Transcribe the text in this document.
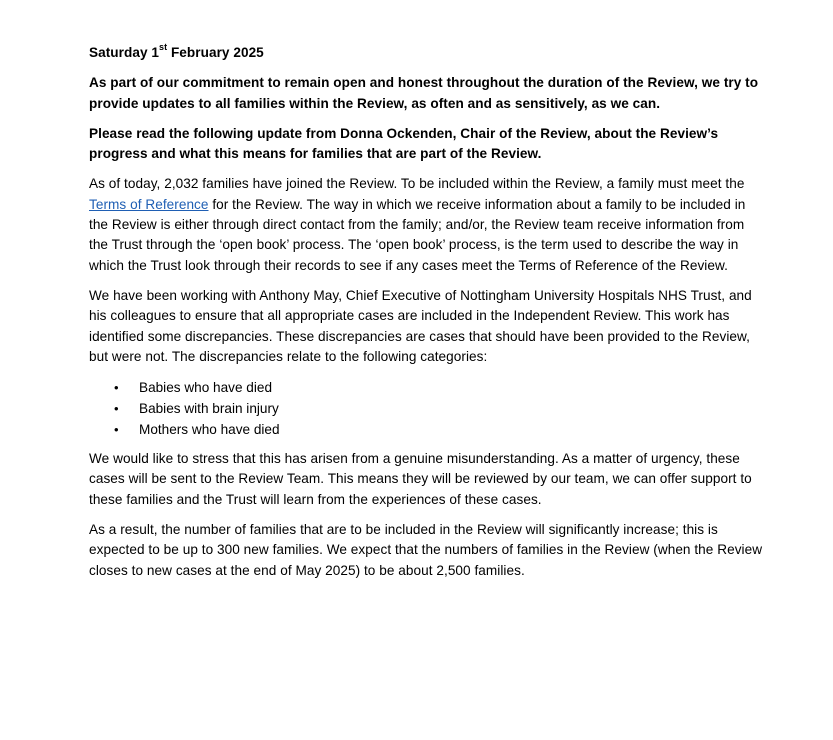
Saturday 1st February 2025

As part of our commitment to remain open and honest throughout the duration of the Review, we try to provide updates to all families within the Review, as often and as sensitively, as we can.

Please read the following update from Donna Ockenden, Chair of the Review, about the Review’s progress and what this means for families that are part of the Review.

As of today, 2,032 families have joined the Review. To be included within the Review, a family must meet the Terms of Reference for the Review. The way in which we receive information about a family to be included in the Review is either through direct contact from the family; and/or, the Review team receive information from the Trust through the ‘open book’ process. The ‘open book’ process, is the term used to describe the way in which the Trust look through their records to see if any cases meet the Terms of Reference of the Review.

We have been working with Anthony May, Chief Executive of Nottingham University Hospitals NHS Trust, and his colleagues to ensure that all appropriate cases are included in the Independent Review. This work has identified some discrepancies. These discrepancies are cases that should have been provided to the Review, but were not. The discrepancies relate to the following categories:

• Babies who have died
• Babies with brain injury
• Mothers who have died

We would like to stress that this has arisen from a genuine misunderstanding. As a matter of urgency, these cases will be sent to the Review Team. This means they will be reviewed by our team, we can offer support to these families and the Trust will learn from the experiences of these cases.

As a result, the number of families that are to be included in the Review will significantly increase; this is expected to be up to 300 new families. We expect that the numbers of families in the Review (when the Review closes to new cases at the end of May 2025) to be about 2,500 families.
